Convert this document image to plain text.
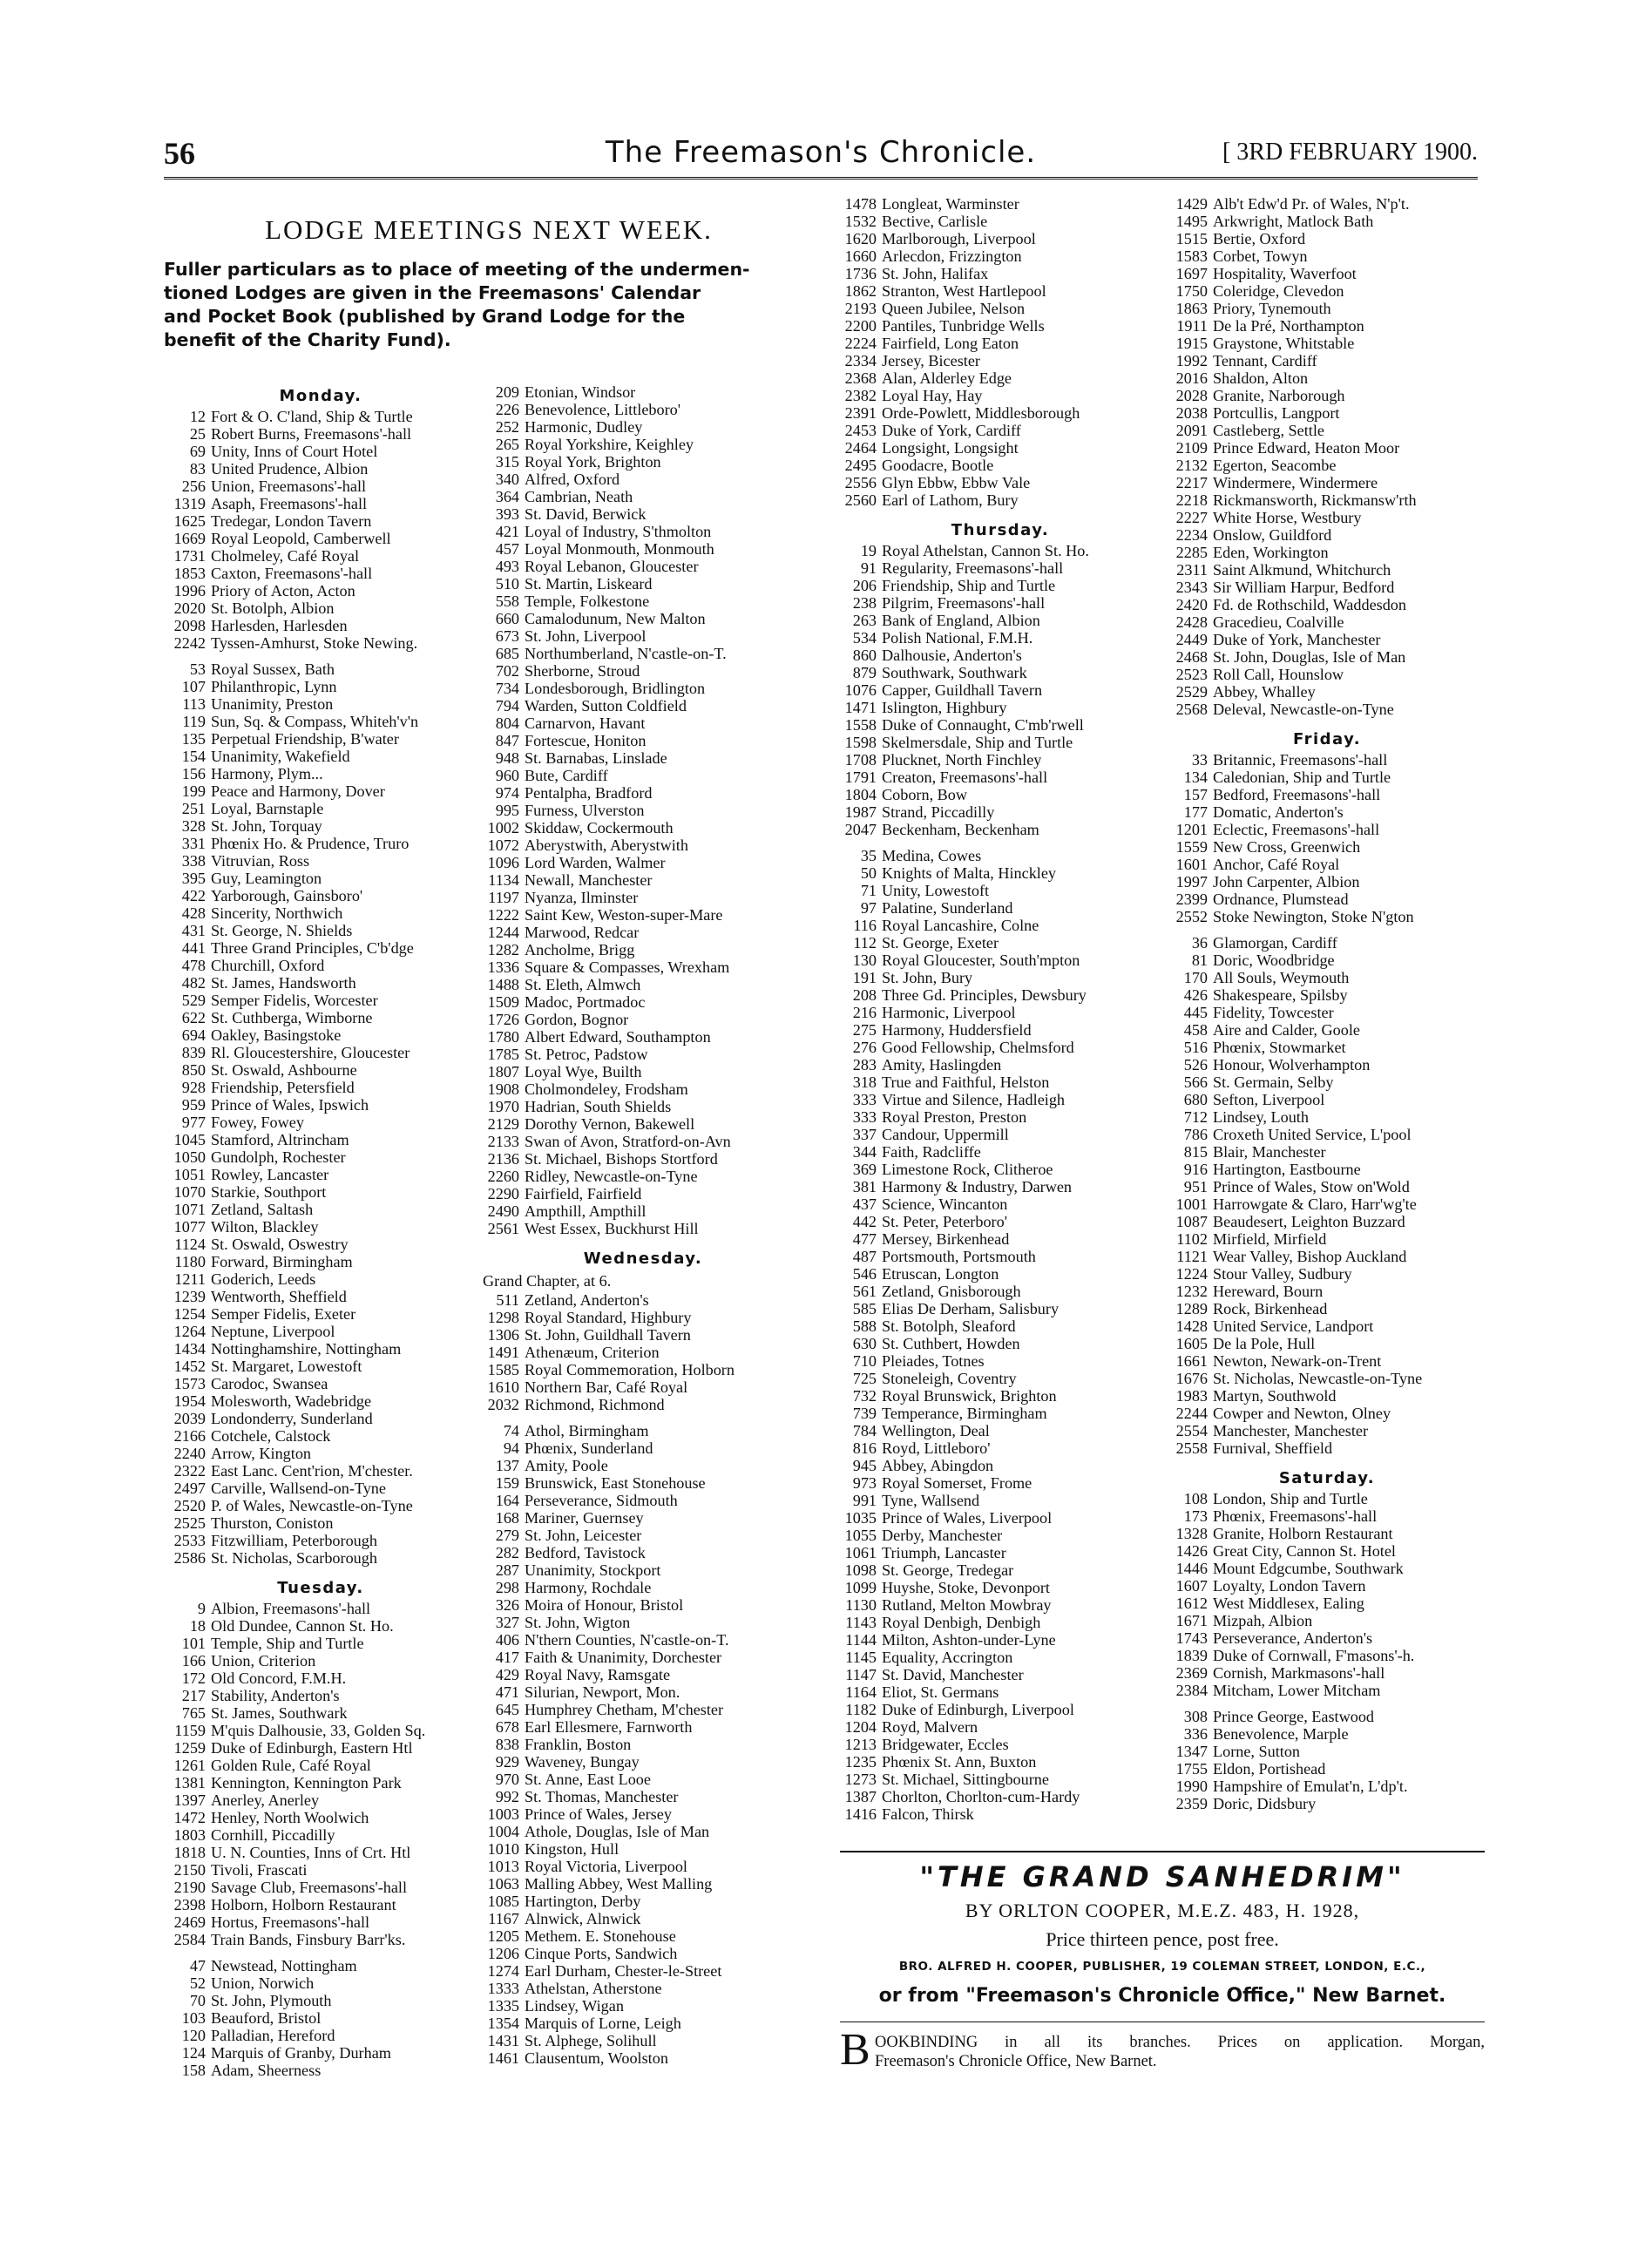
56	The Freemason's Chronicle.	[ 3RD FEBRUARY 1900.
LODGE MEETINGS NEXT WEEK.
Fuller particulars as to place of meeting of the undermen-
tioned Lodges are given in the Freemasons' Calendar
and Pocket Book (published by Grand Lodge for the
benefit of the Charity Fund).
Monday.
12 Fort & O. C'land, Ship & Turtle
25 Robert Burns, Freemasons'-hall
69 Unity, Inns of Court Hotel
83 United Prudence, Albion
256 Union, Freemasons'-hall
1319 Asaph, Freemasons'-hall
1625 Tredegar, London Tavern
1669 Royal Leopold, Camberwell
1731 Cholmeley, Café Royal
1853 Caxton, Freemasons'-hall
1996 Priory of Acton, Acton
2020 St. Botolph, Albion
2098 Harlesden, Harlesden
2242 Tyssen-Amhurst, Stoke Newing.
53 Royal Sussex, Bath
107 Philanthropic, Lynn
113 Unanimity, Preston
119 Sun, Sq. & Compass, Whiteh'v'n
135 Perpetual Friendship, B'water
154 Unanimity, Wakefield
156 Harmony, Plym...
199 Peace and Harmony, Dover
251 Loyal, Barnstaple
328 St. John, Torquay
331 Phœnix Ho. & Prudence, Truro
338 Vitruvian, Ross
395 Guy, Leamington
422 Yarborough, Gainsboro'
428 Sincerity, Northwich
431 St. George, N. Shields
441 Three Grand Principles, C'b'dge
478 Churchill, Oxford
482 St. James, Handsworth
529 Semper Fidelis, Worcester
622 St. Cuthberga, Wimborne
694 Oakley, Basingstoke
839 Rl. Gloucestershire, Gloucester
850 St. Oswald, Ashbourne
928 Friendship, Petersfield
959 Prince of Wales, Ipswich
977 Fowey, Fowey
1045 Stamford, Altrincham
1050 Gundolph, Rochester
1051 Rowley, Lancaster
1070 Starkie, Southport
1071 Zetland, Saltash
1077 Wilton, Blackley
1124 St. Oswald, Oswestry
1180 Forward, Birmingham
1211 Goderich, Leeds
1239 Wentworth, Sheffield
1254 Semper Fidelis, Exeter
1264 Neptune, Liverpool
1434 Nottinghamshire, Nottingham
1452 St. Margaret, Lowestoft
1573 Carodoc, Swansea
1954 Molesworth, Wadebridge
2039 Londonderry, Sunderland
2166 Cotchele, Calstock
2240 Arrow, Kington
2322 East Lanc. Cent'rion, M'chester.
2497 Carville, Wallsend-on-Tyne
2520 P. of Wales, Newcastle-on-Tyne
2525 Thurston, Coniston
2533 Fitzwilliam, Peterborough
2586 St. Nicholas, Scarborough
Tuesday.
9 Albion, Freemasons'-hall
18 Old Dundee, Cannon St. Ho.
101 Temple, Ship and Turtle
166 Union, Criterion
172 Old Concord, F.M.H.
217 Stability, Anderton's
765 St. James, Southwark
1159 M'quis Dalhousie, 33, Golden Sq.
1259 Duke of Edinburgh, Eastern Htl
1261 Golden Rule, Café Royal
1381 Kennington, Kennington Park
1397 Anerley, Anerley
1472 Henley, North Woolwich
1803 Cornhill, Piccadilly
1818 U. N. Counties, Inns of Crt. Htl
2150 Tivoli, Frascati
2190 Savage Club, Freemasons'-hall
2398 Holborn, Holborn Restaurant
2469 Hortus, Freemasons'-hall
2584 Train Bands, Finsbury Barr'ks.
47 Newstead, Nottingham
52 Union, Norwich
70 St. John, Plymouth
103 Beauford, Bristol
120 Palladian, Hereford
124 Marquis of Granby, Durham
158 Adam, Sheerness
209 Etonian, Windsor
226 Benevolence, Littleboro'
252 Harmonic, Dudley
265 Royal Yorkshire, Keighley
315 Royal York, Brighton
340 Alfred, Oxford
364 Cambrian, Neath
393 St. David, Berwick
421 Loyal of Industry, S'thmolton
457 Loyal Monmouth, Monmouth
493 Royal Lebanon, Gloucester
510 St. Martin, Liskeard
558 Temple, Folkestone
660 Camalodunum, New Malton
673 St. John, Liverpool
685 Northumberland, N'castle-on-T.
702 Sherborne, Stroud
734 Londesborough, Bridlington
794 Warden, Sutton Coldfield
804 Carnarvon, Havant
847 Fortescue, Honiton
948 St. Barnabas, Linslade
960 Bute, Cardiff
974 Pentalpha, Bradford
995 Furness, Ulverston
1002 Skiddaw, Cockermouth
1072 Aberystwith, Aberystwith
1096 Lord Warden, Walmer
1134 Newall, Manchester
1197 Nyanza, Ilminster
1222 Saint Kew, Weston-super-Mare
1244 Marwood, Redcar
1282 Ancholme, Brigg
1336 Square & Compasses, Wrexham
1488 St. Eleth, Almwch
1509 Madoc, Portmadoc
1726 Gordon, Bognor
1780 Albert Edward, Southampton
1785 St. Petroc, Padstow
1807 Loyal Wye, Builth
1908 Cholmondeley, Frodsham
1970 Hadrian, South Shields
2129 Dorothy Vernon, Bakewell
2133 Swan of Avon, Stratford-on-Avn
2136 St. Michael, Bishops Stortford
2260 Ridley, Newcastle-on-Tyne
2290 Fairfield, Fairfield
2490 Ampthill, Ampthill
2561 West Essex, Buckhurst Hill
Wednesday.
Grand Chapter, at 6.
511 Zetland, Anderton's
1298 Royal Standard, Highbury
1306 St. John, Guildhall Tavern
1491 Athenæum, Criterion
1585 Royal Commemoration, Holborn
1610 Northern Bar, Café Royal
2032 Richmond, Richmond
74 Athol, Birmingham
94 Phœnix, Sunderland
137 Amity, Poole
159 Brunswick, East Stonehouse
164 Perseverance, Sidmouth
168 Mariner, Guernsey
279 St. John, Leicester
282 Bedford, Tavistock
287 Unanimity, Stockport
298 Harmony, Rochdale
326 Moira of Honour, Bristol
327 St. John, Wigton
406 N'thern Counties, N'castle-on-T.
417 Faith & Unanimity, Dorchester
429 Royal Navy, Ramsgate
471 Silurian, Newport, Mon.
645 Humphrey Chetham, M'chester
678 Earl Ellesmere, Farnworth
838 Franklin, Boston
929 Waveney, Bungay
970 St. Anne, East Looe
992 St. Thomas, Manchester
1003 Prince of Wales, Jersey
1004 Athole, Douglas, Isle of Man
1010 Kingston, Hull
1013 Royal Victoria, Liverpool
1063 Malling Abbey, West Malling
1085 Hartington, Derby
1167 Alnwick, Alnwick
1205 Methem. E. Stonehouse
1206 Cinque Ports, Sandwich
1274 Earl Durham, Chester-le-Street
1333 Athelstan, Atherstone
1335 Lindsey, Wigan
1354 Marquis of Lorne, Leigh
1431 St. Alphege, Solihull
1461 Clausentum, Woolston
1478 Longleat, Warminster
1532 Bective, Carlisle
1620 Marlborough, Liverpool
1660 Arlecdon, Frizzington
1736 St. John, Halifax
1862 Stranton, West Hartlepool
2193 Queen Jubilee, Nelson
2200 Pantiles, Tunbridge Wells
2224 Fairfield, Long Eaton
2334 Jersey, Bicester
2368 Alan, Alderley Edge
2382 Loyal Hay, Hay
2391 Orde-Powlett, Middlesborough
2453 Duke of York, Cardiff
2464 Longsight, Longsight
2495 Goodacre, Bootle
2556 Glyn Ebbw, Ebbw Vale
2560 Earl of Lathom, Bury
Thursday.
19 Royal Athelstan, Cannon St. Ho.
91 Regularity, Freemasons'-hall
206 Friendship, Ship and Turtle
238 Pilgrim, Freemasons'-hall
263 Bank of England, Albion
534 Polish National, F.M.H.
860 Dalhousie, Anderton's
879 Southwark, Southwark
1076 Capper, Guildhall Tavern
1471 Islington, Highbury
1558 Duke of Connaught, C'mb'rwell
1598 Skelmersdale, Ship and Turtle
1708 Plucknet, North Finchley
1791 Creaton, Freemasons'-hall
1804 Coborn, Bow
1987 Strand, Piccadilly
2047 Beckenham, Beckenham
35 Medina, Cowes
50 Knights of Malta, Hinckley
71 Unity, Lowestoft
97 Palatine, Sunderland
116 Royal Lancashire, Colne
112 St. George, Exeter
130 Royal Gloucester, South'mpton
191 St. John, Bury
208 Three Gd. Principles, Dewsbury
216 Harmonic, Liverpool
275 Harmony, Huddersfield
276 Good Fellowship, Chelmsford
283 Amity, Haslingden
318 True and Faithful, Helston
333 Virtue and Silence, Hadleigh
333 Royal Preston, Preston
337 Candour, Uppermill
344 Faith, Radcliffe
369 Limestone Rock, Clitheroe
381 Harmony & Industry, Darwen
437 Science, Wincanton
442 St. Peter, Peterboro'
477 Mersey, Birkenhead
487 Portsmouth, Portsmouth
546 Etruscan, Longton
561 Zetland, Gnisborough
585 Elias De Derham, Salisbury
588 St. Botolph, Sleaford
630 St. Cuthbert, Howden
710 Pleiades, Totnes
725 Stoneleigh, Coventry
732 Royal Brunswick, Brighton
739 Temperance, Birmingham
784 Wellington, Deal
816 Royd, Littleboro'
945 Abbey, Abingdon
973 Royal Somerset, Frome
991 Tyne, Wallsend
1035 Prince of Wales, Liverpool
1055 Derby, Manchester
1061 Triumph, Lancaster
1098 St. George, Tredegar
1099 Huyshe, Stoke, Devonport
1130 Rutland, Melton Mowbray
1143 Royal Denbigh, Denbigh
1144 Milton, Ashton-under-Lyne
1145 Equality, Accrington
1147 St. David, Manchester
1164 Eliot, St. Germans
1182 Duke of Edinburgh, Liverpool
1204 Royd, Malvern
1213 Bridgewater, Eccles
1235 Phœnix St. Ann, Buxton
1273 St. Michael, Sittingbourne
1387 Chorlton, Chorlton-cum-Hardy
1416 Falcon, Thirsk
1429 Alb't Edw'd Pr. of Wales, N'p't.
1495 Arkwright, Matlock Bath
1515 Bertie, Oxford
1583 Corbet, Towyn
1697 Hospitality, Waverfoot
1750 Coleridge, Clevedon
1863 Priory, Tynemouth
1911 De la Pré, Northampton
1915 Graystone, Whitstable
1992 Tennant, Cardiff
2016 Shaldon, Alton
2028 Granite, Narborough
2038 Portcullis, Langport
2091 Castleberg, Settle
2109 Prince Edward, Heaton Moor
2132 Egerton, Seacombe
2217 Windermere, Windermere
2218 Rickmansworth, Rickmansw'rth
2227 White Horse, Westbury
2234 Onslow, Guildford
2285 Eden, Workington
2311 Saint Alkmund, Whitchurch
2343 Sir William Harpur, Bedford
2420 Fd. de Rothschild, Waddesdon
2428 Gracedieu, Coalville
2449 Duke of York, Manchester
2468 St. John, Douglas, Isle of Man
2523 Roll Call, Hounslow
2529 Abbey, Whalley
2568 Deleval, Newcastle-on-Tyne
Friday.
33 Britannic, Freemasons'-hall
134 Caledonian, Ship and Turtle
157 Bedford, Freemasons'-hall
177 Domatic, Anderton's
1201 Eclectic, Freemasons'-hall
1559 New Cross, Greenwich
1601 Anchor, Café Royal
1997 John Carpenter, Albion
2399 Ordnance, Plumstead
2552 Stoke Newington, Stoke N'gton
36 Glamorgan, Cardiff
81 Doric, Woodbridge
170 All Souls, Weymouth
426 Shakespeare, Spilsby
445 Fidelity, Towcester
458 Aire and Calder, Goole
516 Phœnix, Stowmarket
526 Honour, Wolverhampton
566 St. Germain, Selby
680 Sefton, Liverpool
712 Lindsey, Louth
786 Croxeth United Service, L'pool
815 Blair, Manchester
916 Hartington, Eastbourne
951 Prince of Wales, Stow on'Wold
1001 Harrowgate & Claro, Harr'wg'te
1087 Beaudesert, Leighton Buzzard
1102 Mirfield, Mirfield
1121 Wear Valley, Bishop Auckland
1224 Stour Valley, Sudbury
1232 Hereward, Bourn
1289 Rock, Birkenhead
1428 United Service, Landport
1605 De la Pole, Hull
1661 Newton, Newark-on-Trent
1676 St. Nicholas, Newcastle-on-Tyne
1983 Martyn, Southwold
2244 Cowper and Newton, Olney
2554 Manchester, Manchester
2558 Furnival, Sheffield
Saturday.
108 London, Ship and Turtle
173 Phœnix, Freemasons'-hall
1328 Granite, Holborn Restaurant
1426 Great City, Cannon St. Hotel
1446 Mount Edgcumbe, Southwark
1607 Loyalty, London Tavern
1612 West Middlesex, Ealing
1671 Mizpah, Albion
1743 Perseverance, Anderton's
1839 Duke of Cornwall, F'masons'-h.
2369 Cornish, Markmasons'-hall
2384 Mitcham, Lower Mitcham
308 Prince George, Eastwood
336 Benevolence, Marple
1347 Lorne, Sutton
1755 Eldon, Portishead
1990 Hampshire of Emulat'n, L'dp't.
2359 Doric, Didsbury
"THE GRAND SANHEDRIM"
BY ORLTON COOPER, M.E.Z. 483, H. 1928,
Price thirteen pence, post free.
BRO. ALFRED H. COOPER, PUBLISHER, 19 COLEMAN STREET, LONDON, E.C.,
or from "Freemason's Chronicle Office," New Barnet.
B OOKBINDING in all its branches. Prices on application. Morgan,
Freemason's Chronicle Office, New Barnet.
